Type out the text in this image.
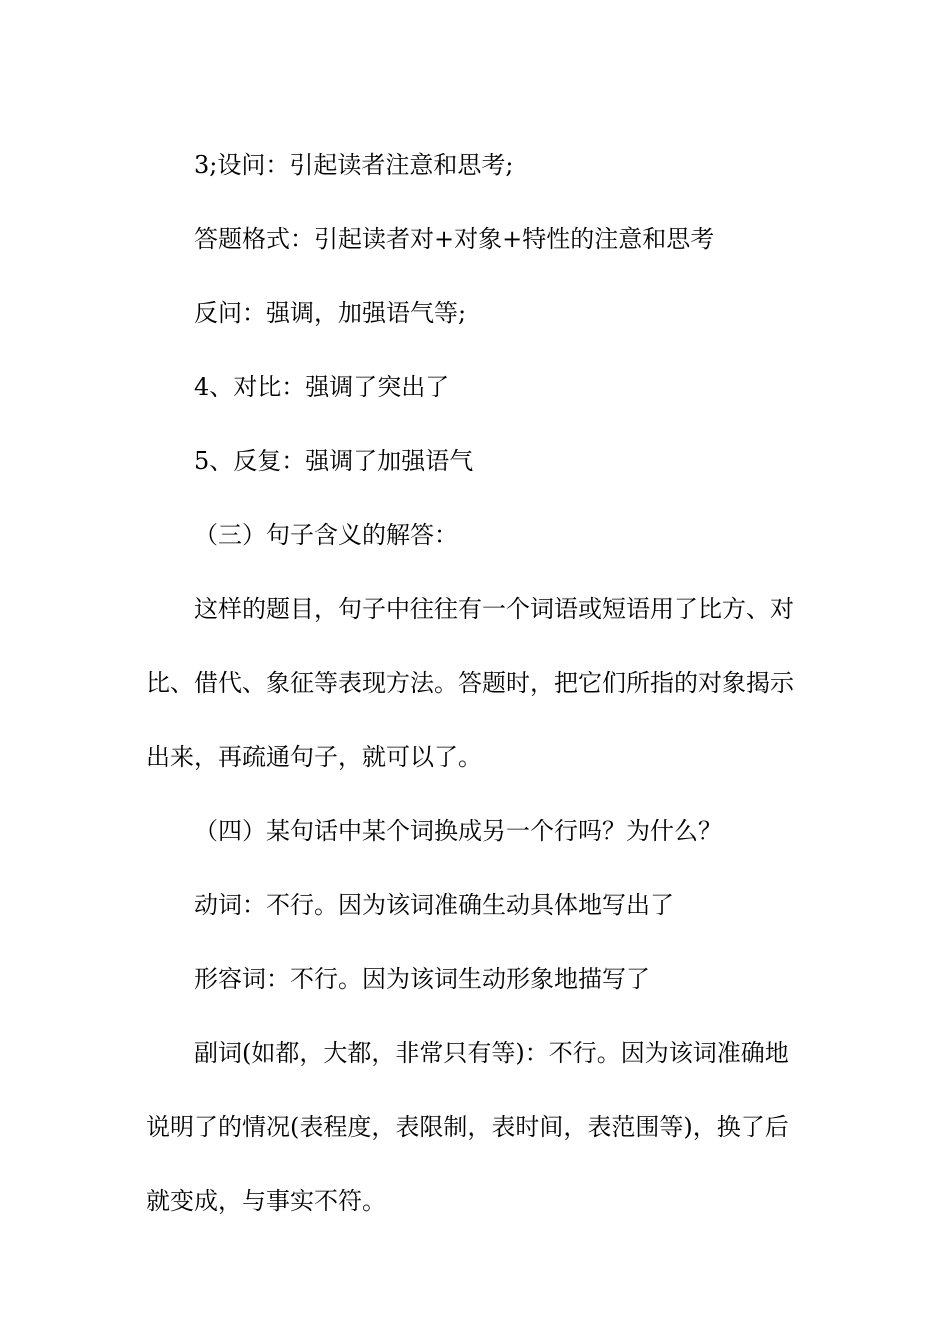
3;设问：引起读者注意和思考;
答题格式：引起读者对+对象+特性的注意和思考
反问：强调，加强语气等;
4、对比：强调了突出了
5、反复：强调了加强语气
（三）句子含义的解答：
这样的题目，句子中往往有一个词语或短语用了比方、对
比、借代、象征等表现方法。答题时，把它们所指的对象揭示
出来，再疏通句子，就可以了。
（四）某句话中某个词换成另一个行吗？为什么？
动词：不行。因为该词准确生动具体地写出了
形容词：不行。因为该词生动形象地描写了
副词(如都，大都，非常只有等)：不行。因为该词准确地
说明了的情况(表程度，表限制，表时间，表范围等)，换了后
就变成，与事实不符。
